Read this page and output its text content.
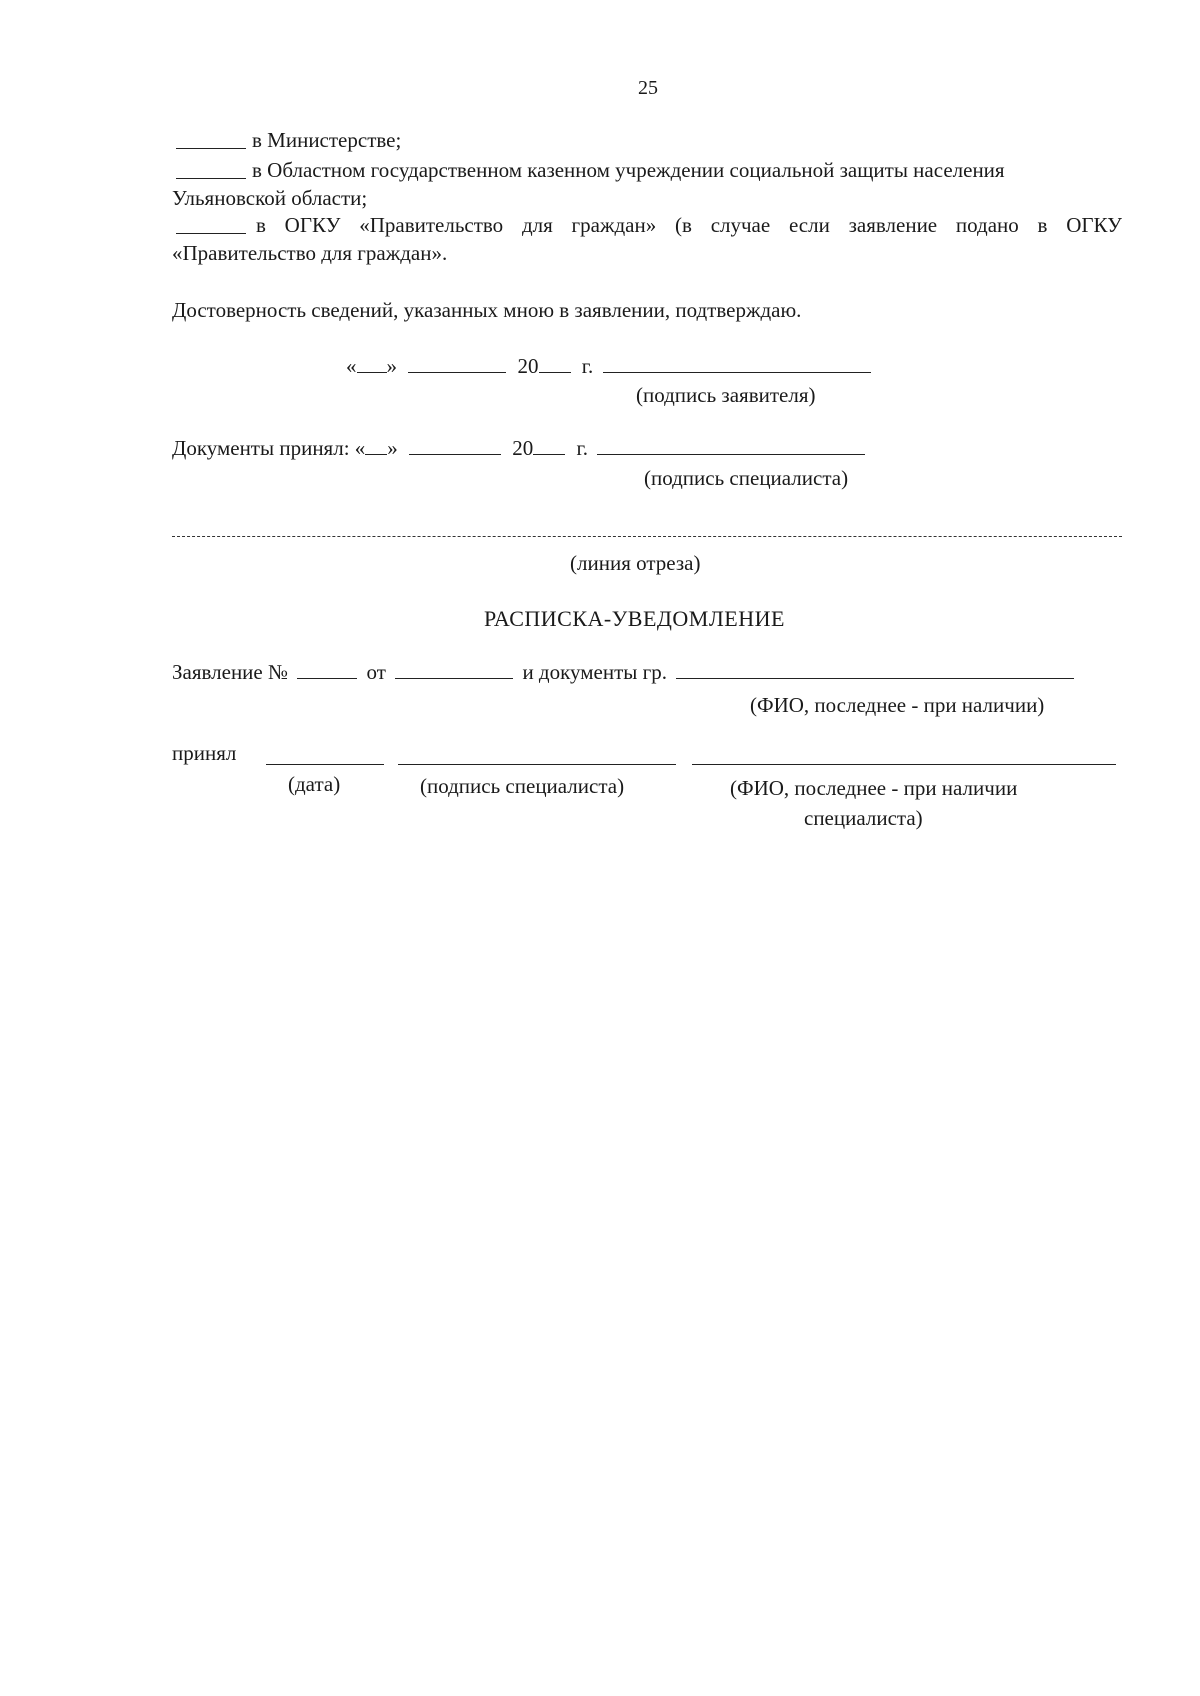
25
в Министерстве;
в Областном государственном казенном учреждении социальной защиты населения
Ульяновской области;
в ОГКУ «Правительство для граждан» (в случае если заявление подано в ОГКУ
«Правительство для граждан».
Достоверность сведений, указанных мною в заявлении, подтверждаю.
« »	20 г.
(подпись заявителя)
Документы принял: « »	20 г.
(подпись специалиста)
(линия отреза)
РАСПИСКА-УВЕДОМЛЕНИЕ
Заявление №	от	и документы гр.
(ФИО, последнее - при наличии)
принял
(дата)	(подпись специалиста)	(ФИО, последнее - при наличии
специалиста)
